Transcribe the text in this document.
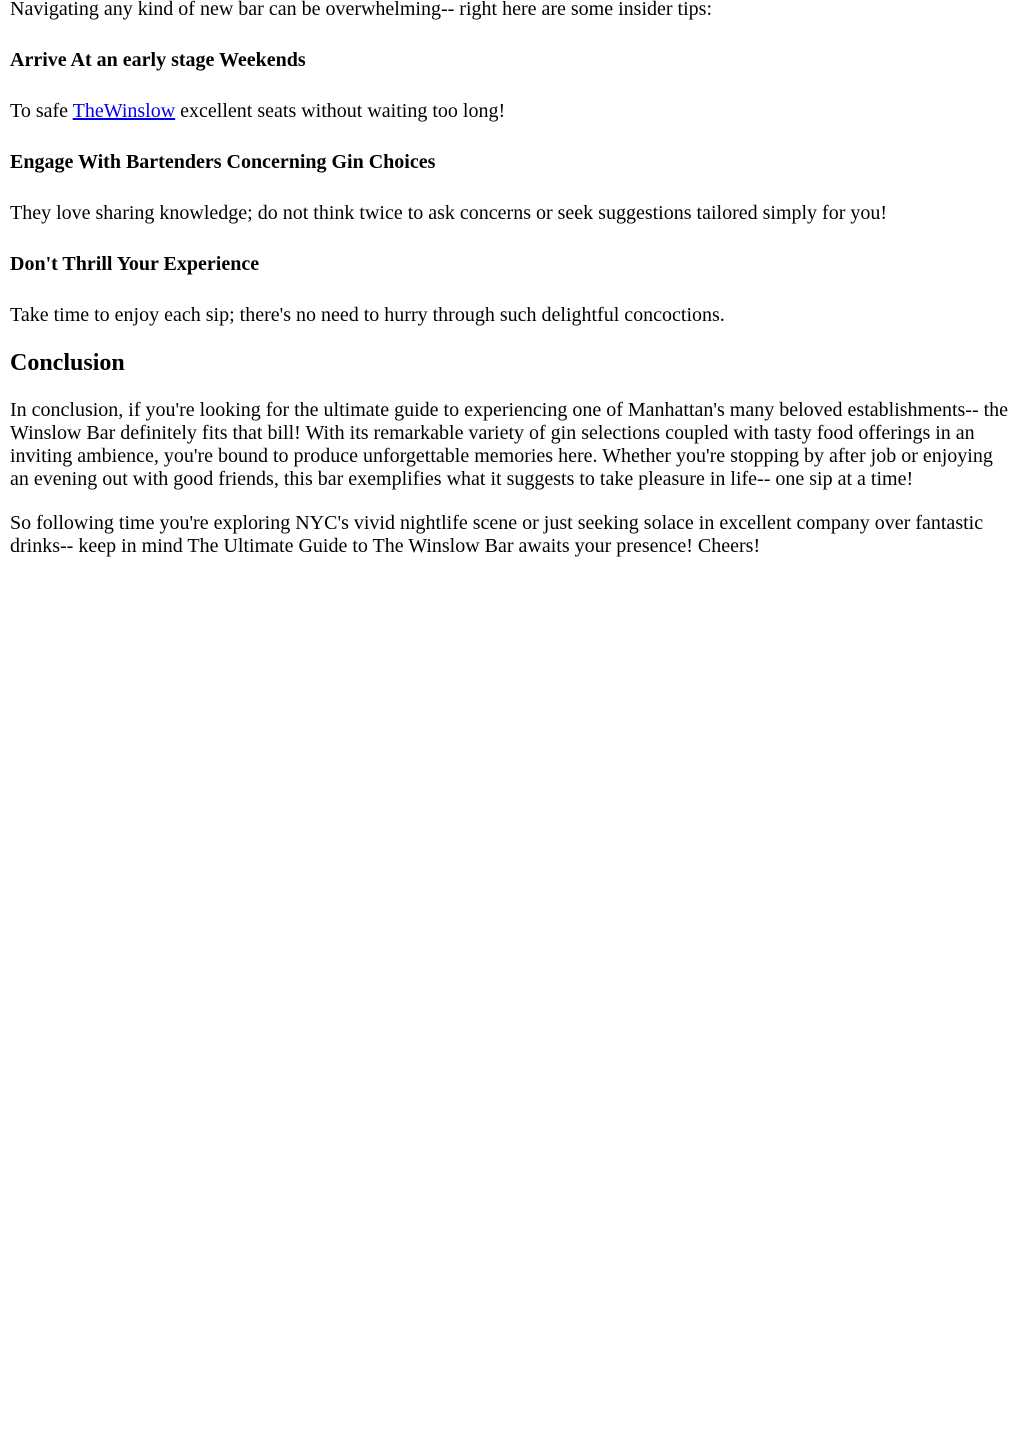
Navigating any kind of new bar can be overwhelming-- right here are some insider tips:

Arrive At an early stage Weekends

To safe TheWinslow excellent seats without waiting too long!

Engage With Bartenders Concerning Gin Choices

They love sharing knowledge; do not think twice to ask concerns or seek suggestions tailored simply for you!

Don't Thrill Your Experience

Take time to enjoy each sip; there's no need to hurry through such delightful concoctions.

Conclusion

In conclusion, if you're looking for the ultimate guide to experiencing one of Manhattan's many beloved establishments-- the Winslow Bar definitely fits that bill! With its remarkable variety of gin selections coupled with tasty food offerings in an inviting ambience, you're bound to produce unforgettable memories here. Whether you're stopping by after job or enjoying an evening out with good friends, this bar exemplifies what it suggests to take pleasure in life-- one sip at a time!

So following time you're exploring NYC's vivid nightlife scene or just seeking solace in excellent company over fantastic drinks-- keep in mind The Ultimate Guide to The Winslow Bar awaits your presence! Cheers!
